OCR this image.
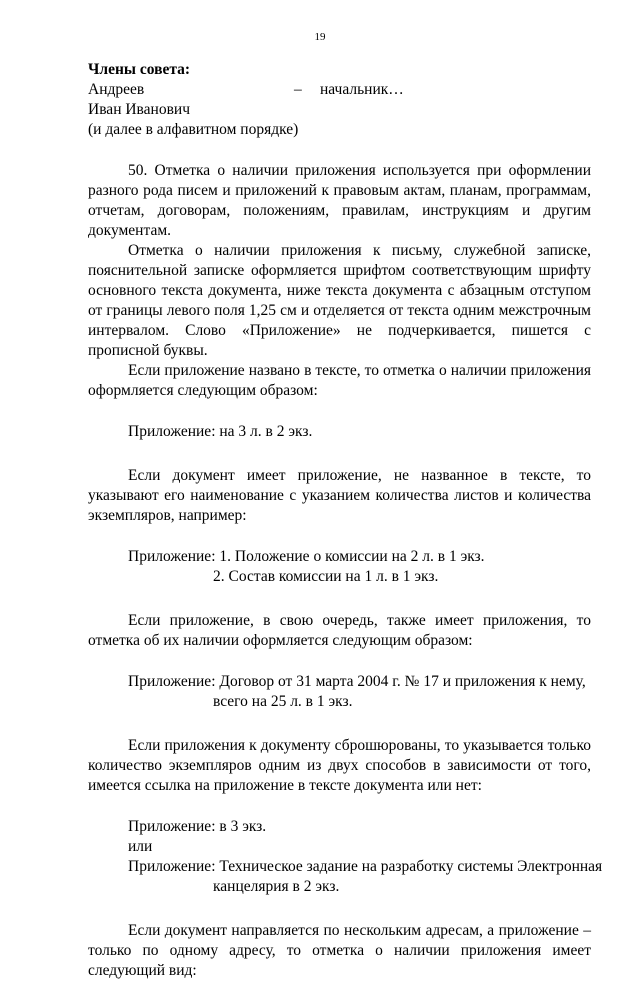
19
Члены совета:
Андреев	– начальник…
Иван Иванович
(и далее в алфавитном порядке)

50. Отметка о наличии приложения используется при оформлении разного рода писем и приложений к правовым актам, планам, программам, отчетам, договорам, положениям, правилам, инструкциям и другим документам.

Отметка о наличии приложения к письму, служебной записке, пояснительной записке оформляется шрифтом соответствующим шрифту основного текста документа, ниже текста документа с абзацным отступом от границы левого поля 1,25 см и отделяется от текста одним межстрочным интервалом. Слово «Приложение» не подчеркивается, пишется с прописной буквы.

Если приложение названо в тексте, то отметка о наличии приложения оформляется следующим образом:

Приложение: на 3 л. в 2 экз.

Если документ имеет приложение, не названное в тексте, то указывают его наименование с указанием количества листов и количества экземпляров, например:

Приложение: 1. Положение о комиссии на 2 л. в 1 экз.
2. Состав комиссии на 1 л. в 1 экз.

Если приложение, в свою очередь, также имеет приложения, то отметка об их наличии оформляется следующим образом:

Приложение: Договор от 31 марта 2004 г. № 17 и приложения к нему,
всего на 25 л. в 1 экз.

Если приложения к документу сброшюрованы, то указывается только количество экземпляров одним из двух способов в зависимости от того, имеется ссылка на приложение в тексте документа или нет:

Приложение: в 3 экз.
или
Приложение: Техническое задание на разработку системы Электронная
канцелярия в 2 экз.

Если документ направляется по нескольким адресам, а приложение – только по одному адресу, то отметка о наличии приложения имеет следующий вид:
